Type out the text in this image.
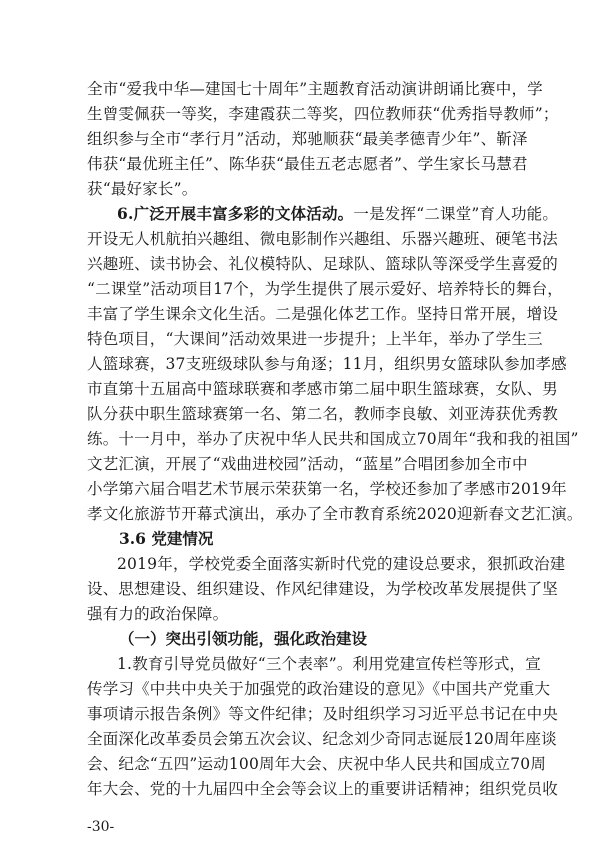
全市“爱我中华—建国七十周年”主题教育活动演讲朗诵比赛中，学
生曾雯佩获一等奖，李建霞获二等奖，四位教师获“优秀指导教师”；
组织参与全市“孝行月”活动，郑驰顺获“最美孝德青少年”、靳泽
伟获“最优班主任”、陈华获“最佳五老志愿者”、学生家长马慧君
获“最好家长”。
6.广泛开展丰富多彩的文体活动。一是发挥“二课堂”育人功能。
开设无人机航拍兴趣组、微电影制作兴趣组、乐器兴趣班、硬笔书法
兴趣班、读书协会、礼仪模特队、足球队、篮球队等深受学生喜爱的
“二课堂”活动项目17个，为学生提供了展示爱好、培养特长的舞台，
丰富了学生课余文化生活。二是强化体艺工作。坚持日常开展，增设
特色项目，“大课间”活动效果进一步提升；上半年，举办了学生三
人篮球赛，37支班级球队参与角逐；11月，组织男女篮球队参加孝感
市直第十五届高中篮球联赛和孝感市第二届中职生篮球赛，女队、男
队分获中职生篮球赛第一名、第二名，教师李良敏、刘亚涛获优秀教
练。十一月中，举办了庆祝中华人民共和国成立70周年“我和我的祖国”
文艺汇演，开展了“戏曲进校园”活动，“蓝星”合唱团参加全市中
小学第六届合唱艺术节展示荣获第一名，学校还参加了孝感市2019年
孝文化旅游节开幕式演出，承办了全市教育系统2020迎新春文艺汇演。
3.6 党建情况
2019年，学校党委全面落实新时代党的建设总要求，狠抓政治建
设、思想建设、组织建设、作风纪律建设，为学校改革发展提供了坚
强有力的政治保障。
（一）突出引领功能，强化政治建设
1.教育引导党员做好“三个表率”。利用党建宣传栏等形式，宣
传学习《中共中央关于加强党的政治建设的意见》《中国共产党重大
事项请示报告条例》等文件纪律；及时组织学习习近平总书记在中央
全面深化改革委员会第五次会议、纪念刘少奇同志诞辰120周年座谈
会、纪念“五四”运动100周年大会、庆祝中华人民共和国成立70周
年大会、党的十九届四中全会等会议上的重要讲话精神；组织党员收
-30-
